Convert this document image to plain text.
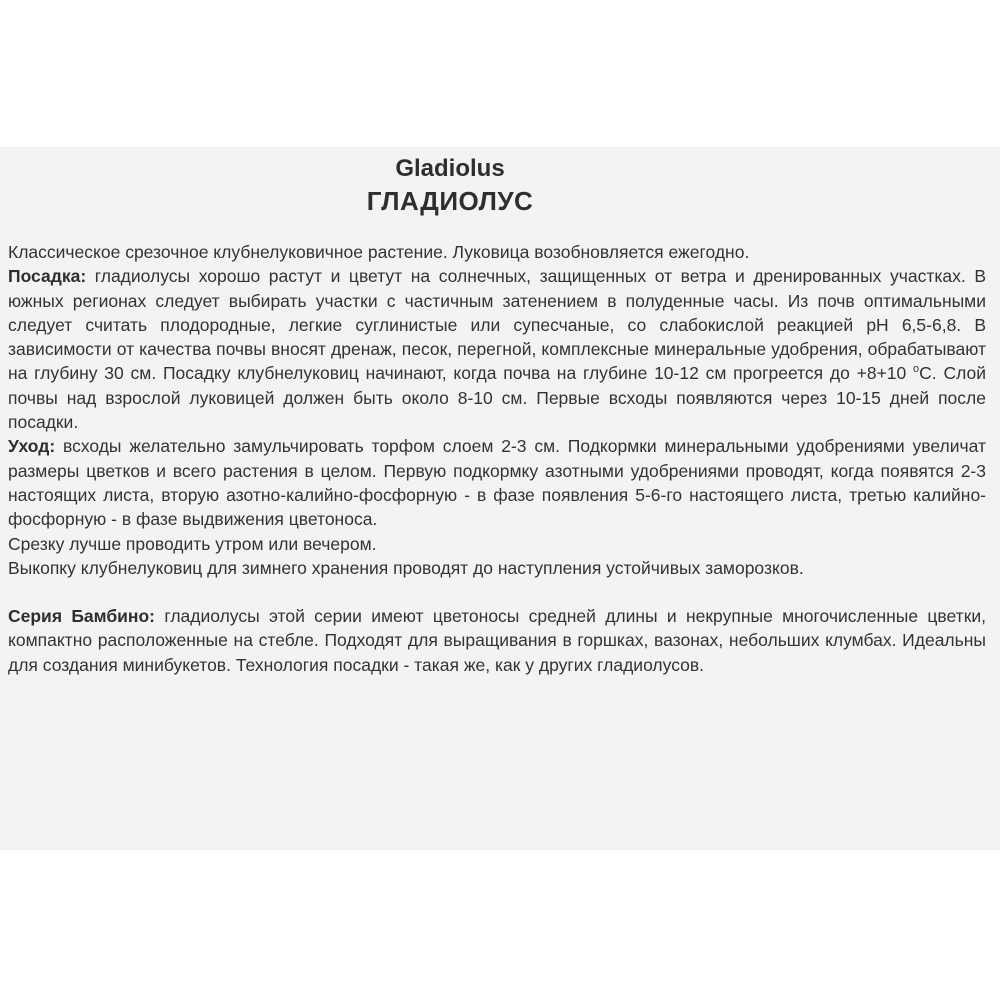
Gladiolus

ГЛАДИОЛУС

Классическое срезочное клубнелуковичное растение. Луковица возобновляется ежегодно.

Посадка: гладиолусы хорошо растут и цветут на солнечных, защищенных от ветра и дренированных участках. В южных регионах следует выбирать участки с частичным затенением в полуденные часы. Из почв оптимальными следует считать плодородные, легкие суглинистые или супесчаные, со слабокислой реакцией pH 6,5-6,8. В зависимости от качества почвы вносят дренаж, песок, перегной, комплексные минеральные удобрения, обрабатывают на глубину 30 см. Посадку клубнелуковиц начинают, когда почва на глубине 10-12 см прогреется до +8+10 $^o$С. Слой почвы над взрослой луковицей должен быть около 8-10 см. Первые всходы появляются через 10-15 дней после посадки.

Уход: всходы желательно замульчировать торфом слоем 2-3 см. Подкормки минеральными удобрениями увеличат размеры цветков и всего растения в целом. Первую подкормку азотными удобрениями проводят, когда появятся 2-3 настоящих листа, вторую азотно-калийно-фосфорную - в фазе появления 5-6-го настоящего листа, третью калийно-фосфорную - в фазе выдвижения цветоноса.

Срезку лучше проводить утром или вечером.

Выкопку клубнелуковиц для зимнего хранения проводят до наступления устойчивых заморозков.

Серия Бамбино: гладиолусы этой серии имеют цветоносы средней длины и некрупные многочисленные цветки, компактно расположенные на стебле. Подходят для выращивания в горшках, вазонах, небольших клумбах. Идеальны для создания минибукетов. Технология посадки - такая же, как у других гладиолусов.
